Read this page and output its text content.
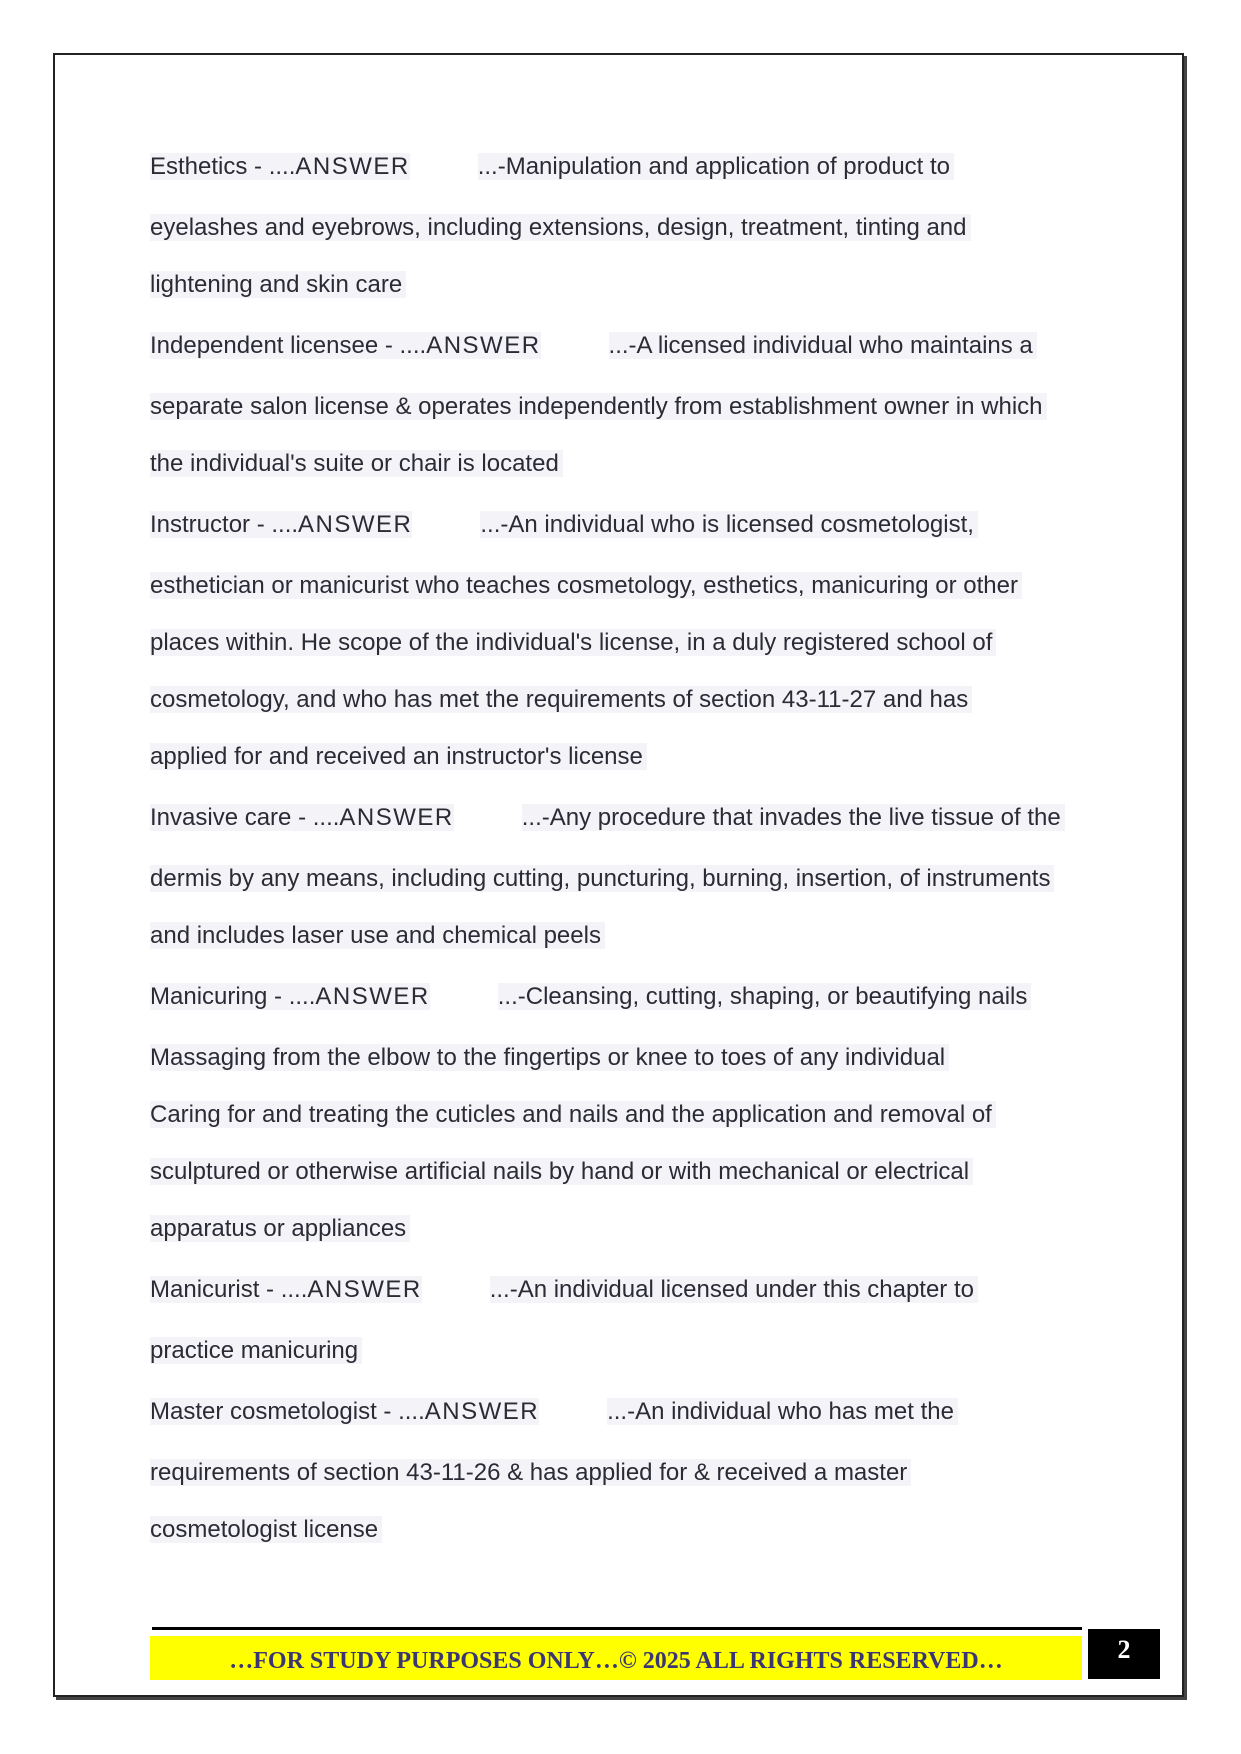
Esthetics - ....ANSWER	...-Manipulation and application of product to
eyelashes and eyebrows, including extensions, design, treatment, tinting and
lightening and skin care
Independent licensee - ....ANSWER	...-A licensed individual who maintains a
separate salon license & operates independently from establishment owner in which
the individual's suite or chair is located
Instructor - ....ANSWER	...-An individual who is licensed cosmetologist,
esthetician or manicurist who teaches cosmetology, esthetics, manicuring or other
places within. He scope of the individual's license, in a duly registered school of
cosmetology, and who has met the requirements of section 43-11-27 and has
applied for and received an instructor's license
Invasive care - ....ANSWER	...-Any procedure that invades the live tissue of the
dermis by any means, including cutting, puncturing, burning, insertion, of instruments
and includes laser use and chemical peels
Manicuring - ....ANSWER	...-Cleansing, cutting, shaping, or beautifying nails
Massaging from the elbow to the fingertips or knee to toes of any individual
Caring for and treating the cuticles and nails and the application and removal of
sculptured or otherwise artificial nails by hand or with mechanical or electrical
apparatus or appliances
Manicurist - ....ANSWER	...-An individual licensed under this chapter to
practice manicuring
Master cosmetologist - ....ANSWER	...-An individual who has met the
requirements of section 43-11-26 & has applied for & received a master
cosmetologist license
…FOR STUDY PURPOSES ONLY…© 2025 ALL RIGHTS RESERVED…	2
